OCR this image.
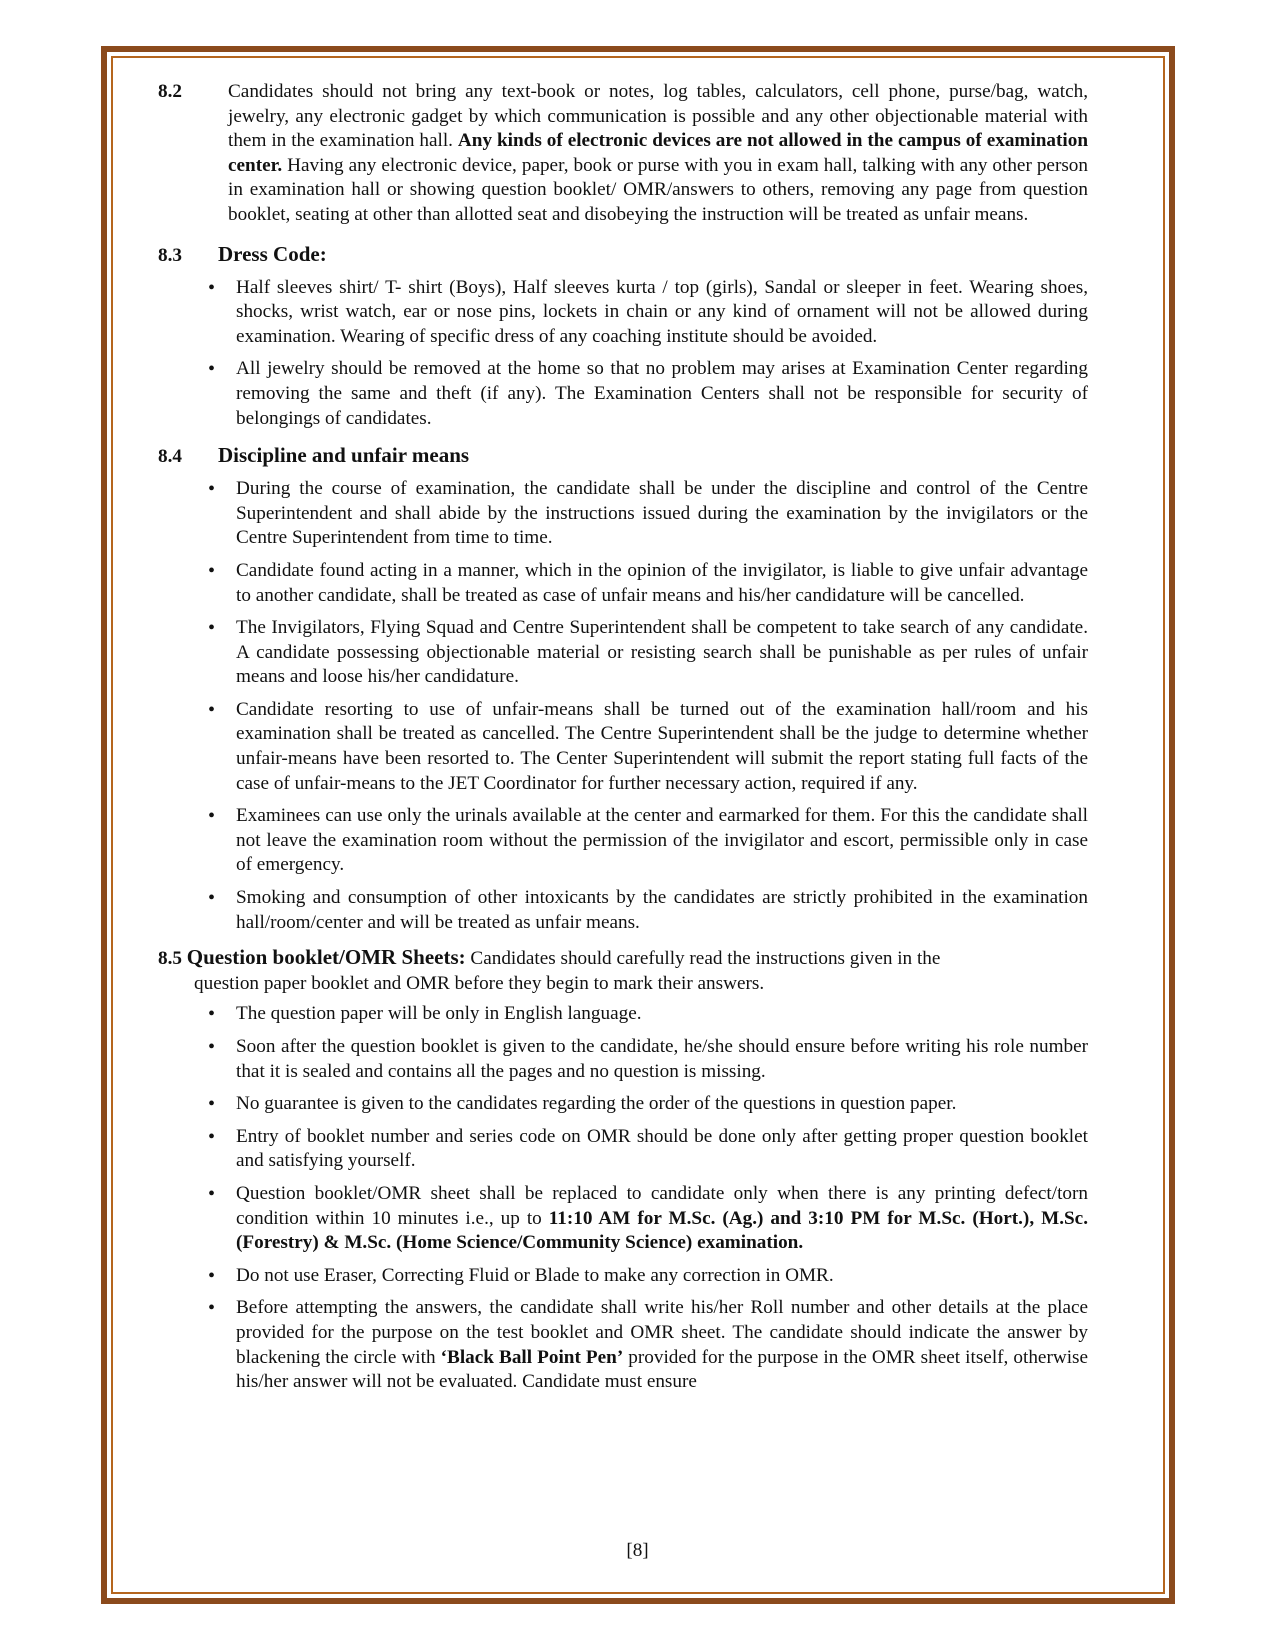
8.2	Candidates should not bring any text-book or notes, log tables, calculators, cell phone, purse/bag, watch, jewelry, any electronic gadget by which communication is possible and any other objectionable material with them in the examination hall. Any kinds of electronic devices are not allowed in the campus of examination center. Having any electronic device, paper, book or purse with you in exam hall, talking with any other person in examination hall or showing question booklet/ OMR/answers to others, removing any page from question booklet, seating at other than allotted seat and disobeying the instruction will be treated as unfair means.
8.3	Dress Code:
• Half sleeves shirt/ T- shirt (Boys), Half sleeves kurta / top (girls), Sandal or sleeper in feet. Wearing shoes, shocks, wrist watch, ear or nose pins, lockets in chain or any kind of ornament will not be allowed during examination. Wearing of specific dress of any coaching institute should be avoided.
• All jewelry should be removed at the home so that no problem may arises at Examination Center regarding removing the same and theft (if any). The Examination Centers shall not be responsible for security of belongings of candidates.
8.4	Discipline and unfair means
• During the course of examination, the candidate shall be under the discipline and control of the Centre Superintendent and shall abide by the instructions issued during the examination by the invigilators or the Centre Superintendent from time to time.
• Candidate found acting in a manner, which in the opinion of the invigilator, is liable to give unfair advantage to another candidate, shall be treated as case of unfair means and his/her candidature will be cancelled.
• The Invigilators, Flying Squad and Centre Superintendent shall be competent to take search of any candidate. A candidate possessing objectionable material or resisting search shall be punishable as per rules of unfair means and loose his/her candidature.
• Candidate resorting to use of unfair-means shall be turned out of the examination hall/room and his examination shall be treated as cancelled. The Centre Superintendent shall be the judge to determine whether unfair-means have been resorted to. The Center Superintendent will submit the report stating full facts of the case of unfair-means to the JET Coordinator for further necessary action, required if any.
• Examinees can use only the urinals available at the center and earmarked for them. For this the candidate shall not leave the examination room without the permission of the invigilator and escort, permissible only in case of emergency.
• Smoking and consumption of other intoxicants by the candidates are strictly prohibited in the examination hall/room/center and will be treated as unfair means.
8.5 Question booklet/OMR Sheets: Candidates should carefully read the instructions given in the
question paper booklet and OMR before they begin to mark their answers.
• The question paper will be only in English language.
• Soon after the question booklet is given to the candidate, he/she should ensure before writing his role number that it is sealed and contains all the pages and no question is missing.
• No guarantee is given to the candidates regarding the order of the questions in question paper.
• Entry of booklet number and series code on OMR should be done only after getting proper question booklet and satisfying yourself.
• Question booklet/OMR sheet shall be replaced to candidate only when there is any printing defect/torn condition within 10 minutes i.e., up to 11:10 AM for M.Sc. (Ag.) and 3:10 PM for M.Sc. (Hort.), M.Sc. (Forestry) & M.Sc. (Home Science/Community Science) examination.
• Do not use Eraser, Correcting Fluid or Blade to make any correction in OMR.
• Before attempting the answers, the candidate shall write his/her Roll number and other details at the place provided for the purpose on the test booklet and OMR sheet. The candidate should indicate the answer by blackening the circle with ‘Black Ball Point Pen’ provided for the purpose in the OMR sheet itself, otherwise his/her answer will not be evaluated. Candidate must ensure
[8]
